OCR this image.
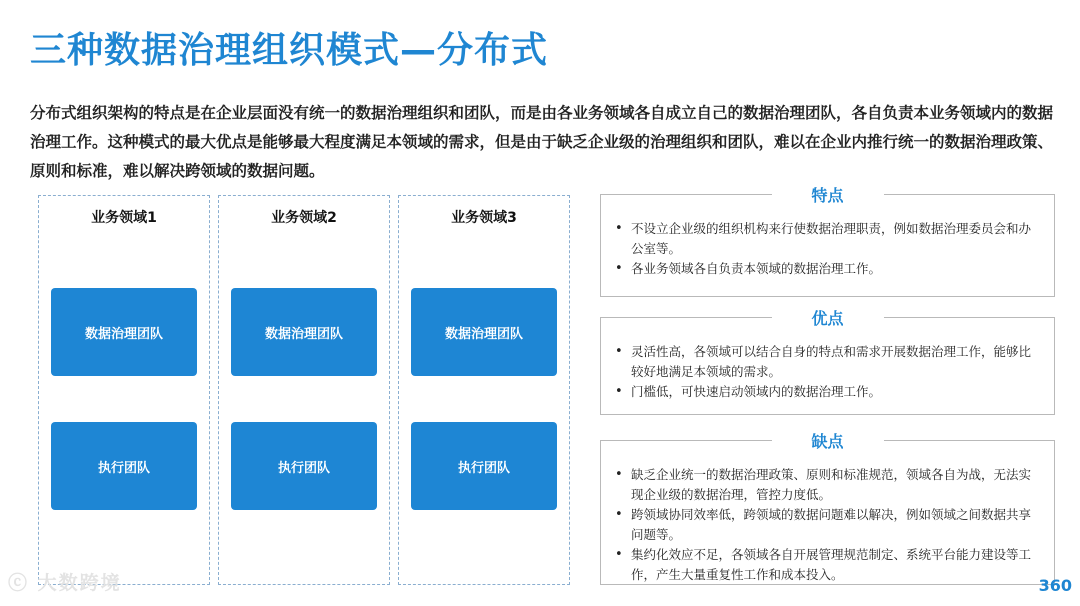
三种数据治理组织模式—分布式
分布式组织架构的特点是在企业层面没有统一的数据治理组织和团队，而是由各业务领域各自成立自己的数据治理团队，各自负责本业务领域内的数据治理工作。这种模式的最大优点是能够最大程度满足本领域的需求，但是由于缺乏企业级的治理组织和团队，难以在企业内推行统一的数据治理政策、原则和标准，难以解决跨领域的数据问题。
业务领域1
数据治理团队
执行团队
业务领域2
数据治理团队
执行团队
业务领域3
数据治理团队
执行团队
特点
• 不设立企业级的组织机构来行使数据治理职责，例如数据治理委员会和办公室等。
• 各业务领域各自负责本领域的数据治理工作。
优点
• 灵活性高，各领域可以结合自身的特点和需求开展数据治理工作，能够比较好地满足本领域的需求。
• 门槛低，可快速启动领域内的数据治理工作。
缺点
• 缺乏企业统一的数据治理政策、原则和标准规范，领域各自为战，无法实现企业级的数据治理，管控力度低。
• 跨领域协同效率低，跨领域的数据问题难以解决，例如领域之间数据共享问题等。
• 集约化效应不足，各领域各自开展管理规范制定、系统平台能力建设等工作，产生大量重复性工作和成本投入。
ⓒ 大数跨境	360
